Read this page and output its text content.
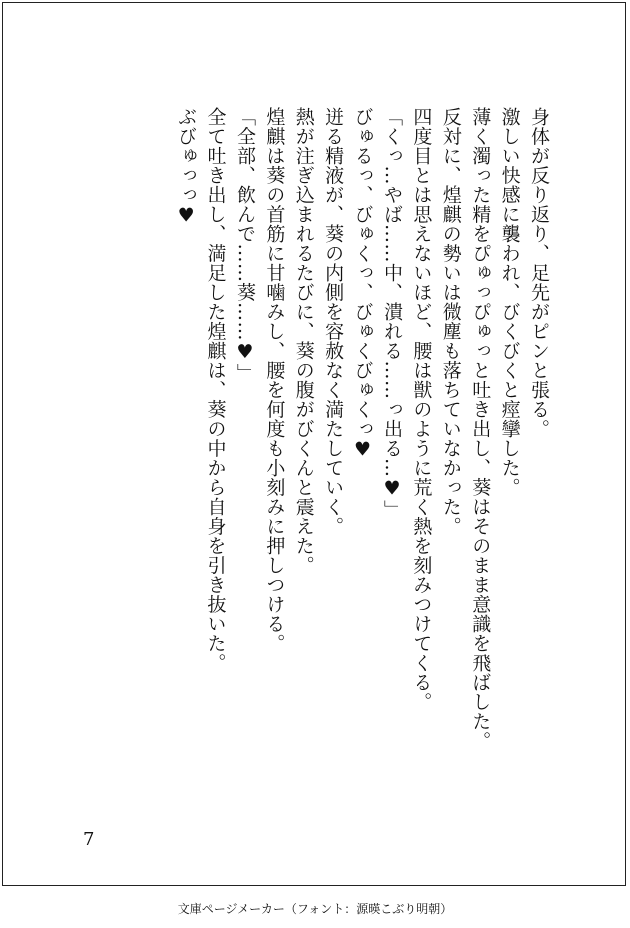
身体が反り返り、足先がピンと張る。

激しい快感に襲われ、びくびくと痙攣した。

薄く濁った精をぴゅっぴゅっと吐き出し、葵はそのまま意識を飛ばした。

反対に、煌麒の勢いは微塵も落ちていなかった。

四度目とは思えないほど、腰は獣のように荒く熱を刻みつけてくる。

「くっ…やば……中、潰れる……っ出る…♥」

びゅるっ、びゅくっ、びゅくびゅくっ♥

迸る精液が、葵の内側を容赦なく満たしていく。

熱が注ぎ込まれるたびに、葵の腹がびくんと震えた。

煌麒は葵の首筋に甘噛みし、腰を何度も小刻みに押しつける。

「全部、飲んで……葵……♥」

全て吐き出し、満足した煌麒は、葵の中から自身を引き抜いた。

ぶびゅっっ♥

7
文庫ページメーカー（フォント：源暎こぶり明朝）
